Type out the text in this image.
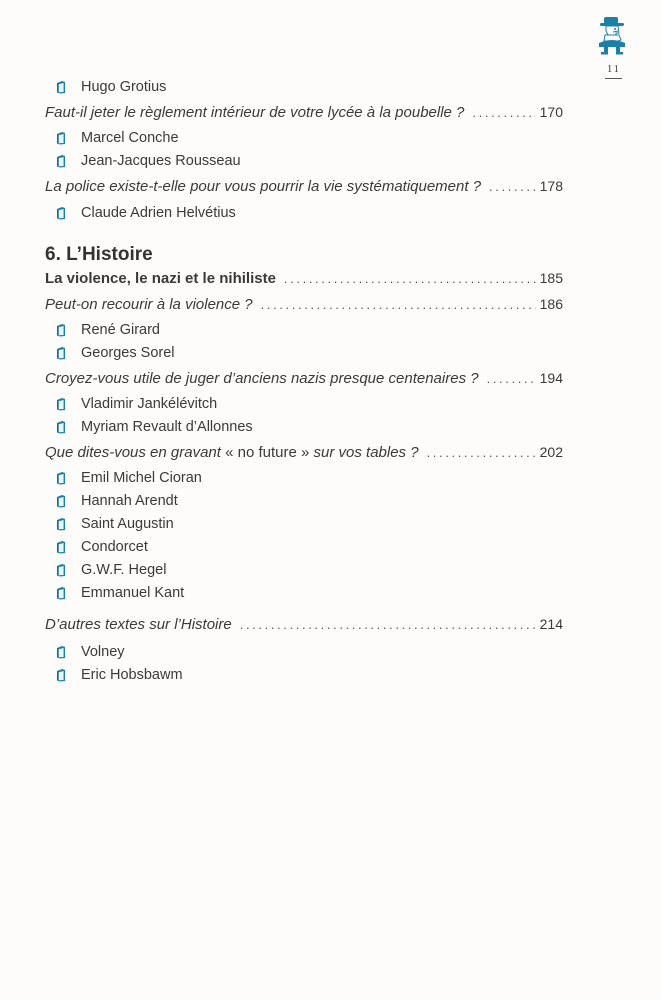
11
Hugo Grotius
Faut-il jeter le règlement intérieur de votre lycée à la poubelle ? . . .	170
Marcel Conche
Jean-Jacques Rousseau
La police existe-t-elle pour vous pourrir la vie systématiquement ? . . .	178
Claude Adrien Helvétius
6. L’Histoire
La violence, le nazi et le nihiliste . . .	185
Peut-on recourir à la violence ? . . .	186
René Girard
Georges Sorel
Croyez-vous utile de juger d’anciens nazis presque centenaires ? . . .	194
Vladimir Jankélévitch
Myriam Revault d’Allonnes
Que dites-vous en gravant « no future » sur vos tables ? . . .	202
Emil Michel Cioran
Hannah Arendt
Saint Augustin
Condorcet
G.W.F. Hegel
Emmanuel Kant
D’autres textes sur l’Histoire . . .	214
Volney
Eric Hobsbawm
